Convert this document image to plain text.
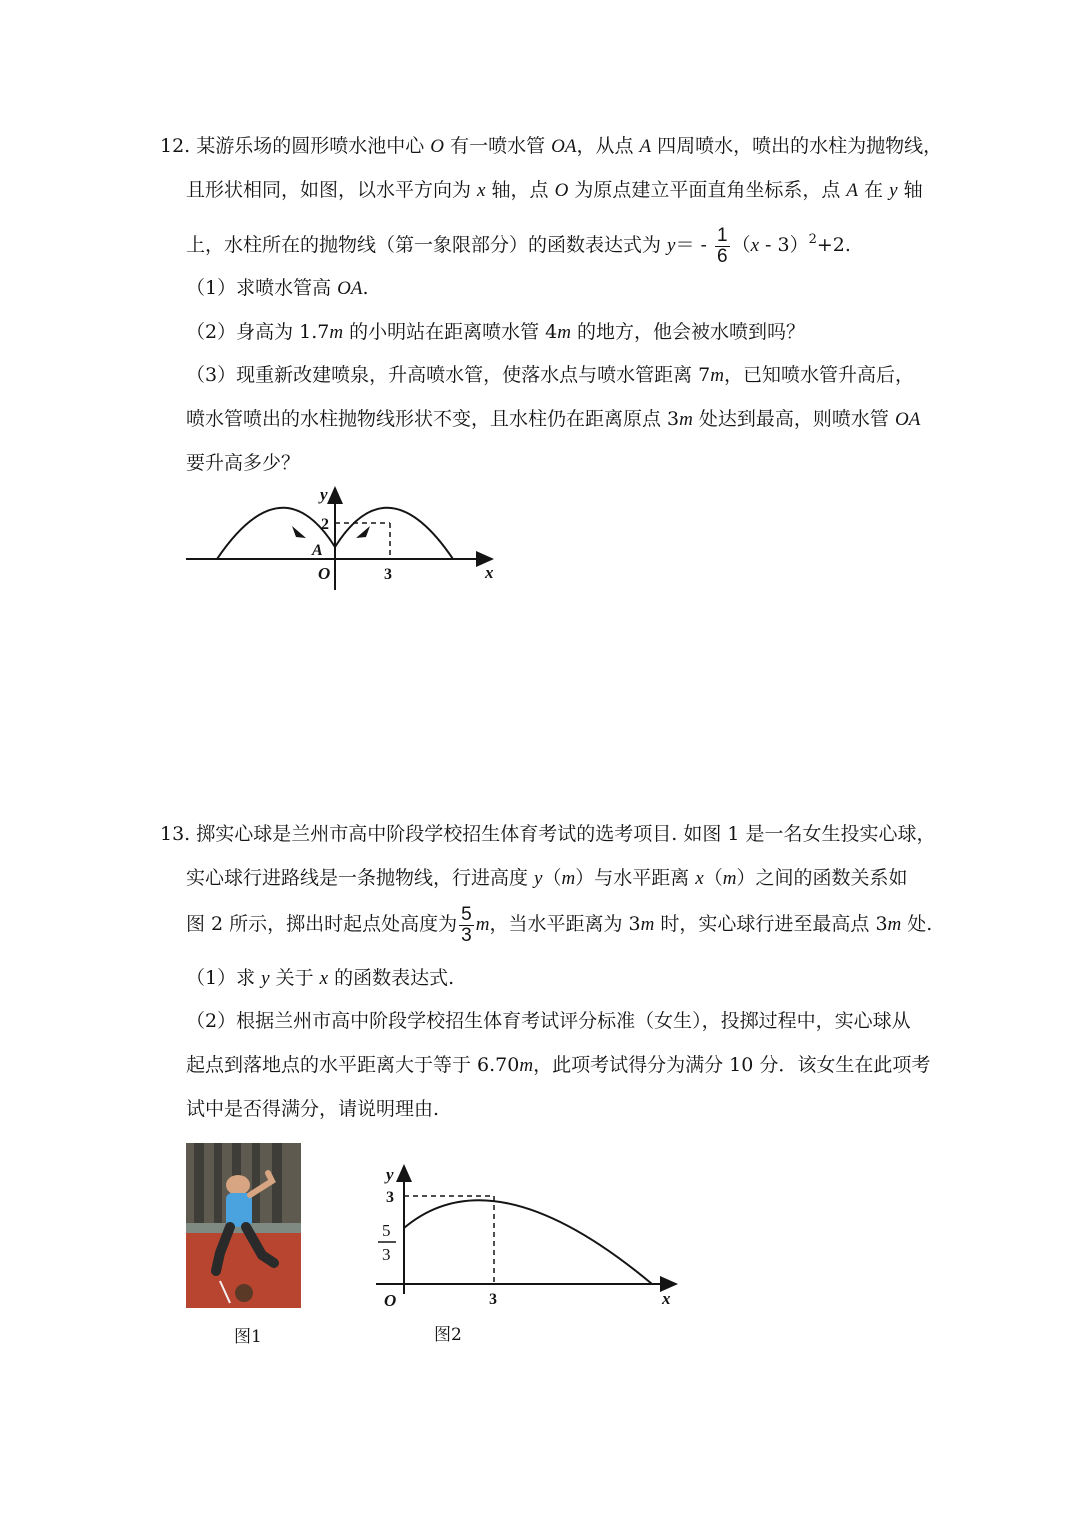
12. 某游乐场的圆形喷水池中心 O 有一喷水管 OA，从点 A 四周喷水，喷出的水柱为抛物线，
且形状相同，如图，以水平方向为 x 轴，点 O 为原点建立平面直角坐标系，点 A 在 y 轴
上，水柱所在的抛物线（第一象限部分）的函数表达式为 $y= - \frac{1}{6} (x - 3)^2+2$.
（1）求喷水管高 OA.
（2）身高为 1.7m 的小明站在距离喷水管 4m 的地方，他会被水喷到吗？
（3）现重新改建喷泉，升高喷水管，使落水点与喷水管距离 7m，已知喷水管升高后，
喷水管喷出的水柱抛物线形状不变，且水柱仍在距离原点 3m 处达到最高，则喷水管 OA
要升高多少？
y
2
A
O	3	x
13. 掷实心球是兰州市高中阶段学校招生体育考试的选考项目. 如图 1 是一名女生投实心球，
实心球行进路线是一条抛物线，行进高度 y（m）与水平距离 x（m）之间的函数关系如
图 2 所示，掷出时起点处高度为 $\frac{5}{3}$ m，当水平距离为 3m 时，实心球行进至最高点 3m 处.
（1）求 y 关于 x 的函数表达式.
（2）根据兰州市高中阶段学校招生体育考试评分标准（女生），投掷过程中，实心球从
起点到落地点的水平距离大于等于 6.70m，此项考试得分为满分 10 分．该女生在此项考
试中是否得满分，请说明理由.
图1
y
3
5
3
O	3	x
图2
